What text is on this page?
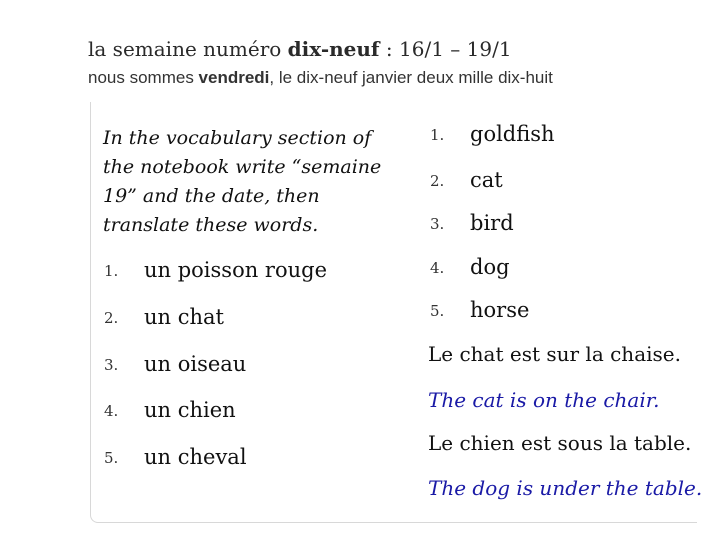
la semaine numéro dix-neuf : 16/1 – 19/1
nous sommes vendredi, le dix-neuf janvier deux mille dix-huit
In the vocabulary section of the notebook write “semaine 19” and the date, then translate these words.
1. un poisson rouge
2. un chat
3. un oiseau
4. un chien
5. un cheval
1. goldfish
2. cat
3. bird
4. dog
5. horse
Le chat est sur la chaise.
The cat is on the chair.
Le chien est sous la table.
The dog is under the table.
